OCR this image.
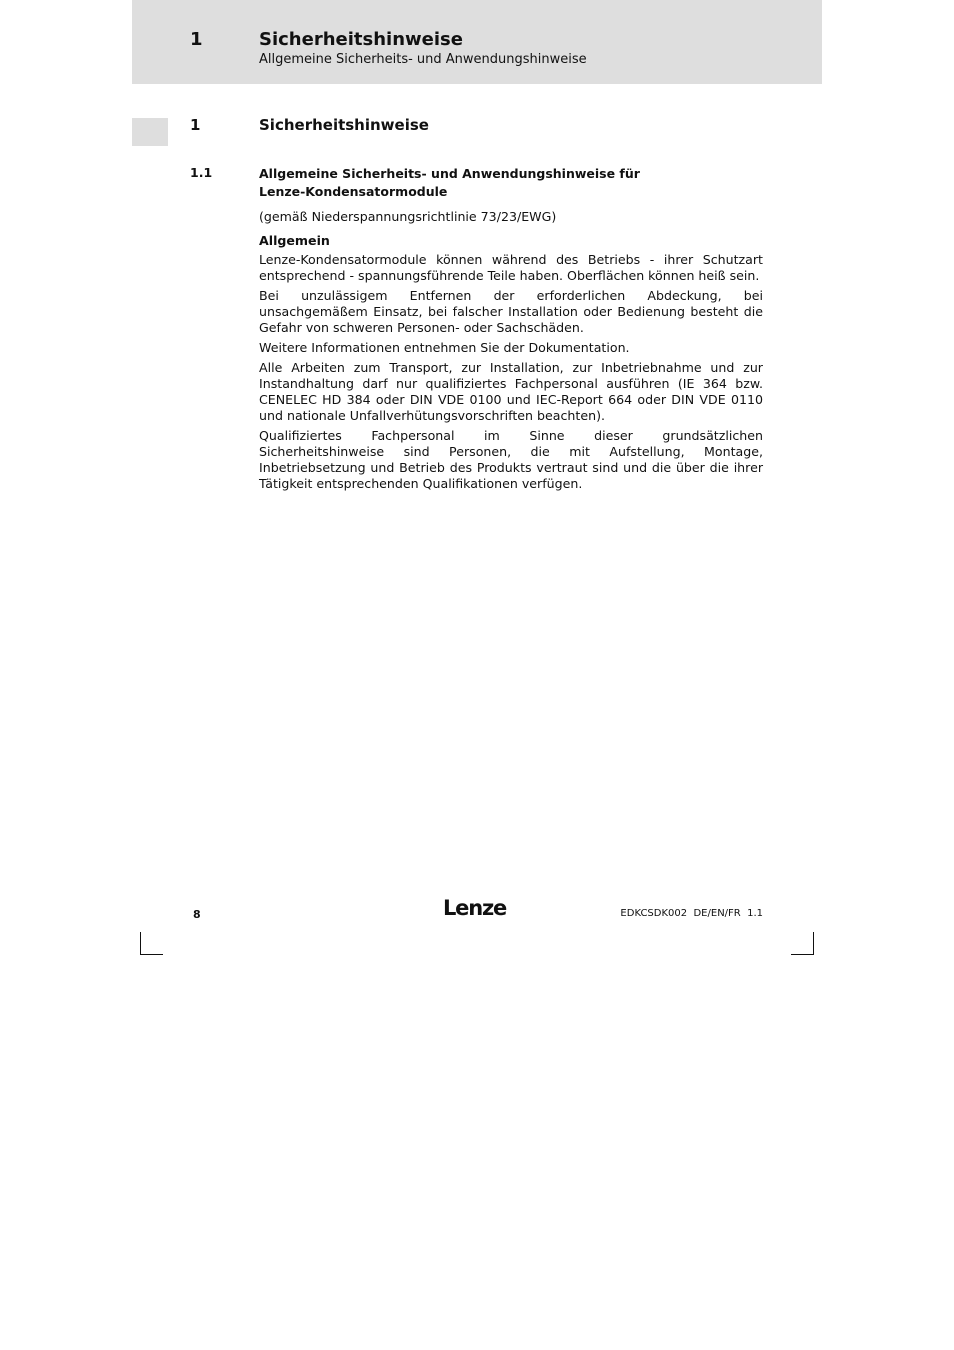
1	Sicherheitshinweise
Allgemeine Sicherheits- und Anwendungshinweise
1	Sicherheitshinweise
1.1	Allgemeine Sicherheits- und Anwendungshinweise für
Lenze-Kondensatormodule

(gemäß Niederspannungsrichtlinie 73/23/EWG)

Allgemein

Lenze-Kondensatormodule können während des Betriebs - ihrer Schutzart entsprechend - spannungsführende Teile haben. Oberflächen können heiß sein.

Bei unzulässigem Entfernen der erforderlichen Abdeckung, bei unsachgemäßem Einsatz, bei falscher Installation oder Bedienung besteht die Gefahr von schweren Personen- oder Sachschäden.

Weitere Informationen entnehmen Sie der Dokumentation.

Alle Arbeiten zum Transport, zur Installation, zur Inbetriebnahme und zur Instandhaltung darf nur qualifiziertes Fachpersonal ausführen (IE 364 bzw. CENELEC HD 384 oder DIN VDE 0100 und IEC-Report 664 oder DIN VDE 0110 und nationale Unfallverhütungsvorschriften beachten).

Qualifiziertes Fachpersonal im Sinne dieser grundsätzlichen Sicherheitshinweise sind Personen, die mit Aufstellung, Montage, Inbetriebsetzung und Betrieb des Produkts vertraut sind und die über die ihrer Tätigkeit entsprechenden Qualifikationen verfügen.

8	Lenze	EDKCSDK002  DE/EN/FR  1.1
